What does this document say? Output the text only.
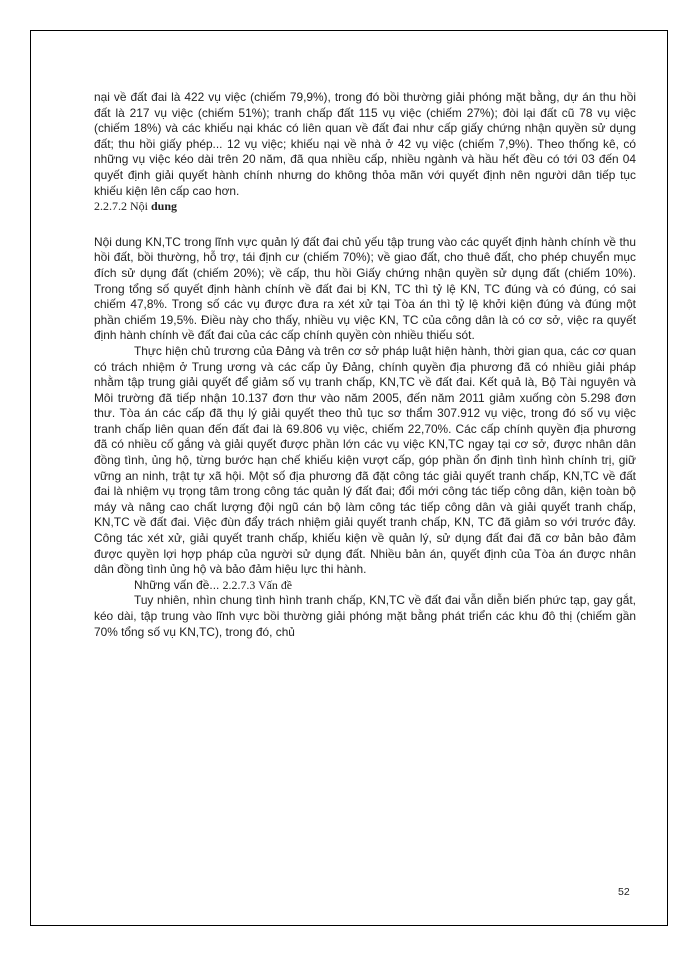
nại về đất đai là 422 vụ việc (chiếm 79,9%), trong đó bồi thường giải phóng mặt bằng, dự án thu hồi đất là 217 vụ việc (chiếm 51%); tranh chấp đất 115 vụ việc (chiếm 27%); đòi lại đất cũ 78 vụ việc (chiếm 18%) và các khiếu nại khác có liên quan về đất đai như cấp giấy chứng nhận quyền sử dụng đất; thu hồi giấy phép... 12 vụ việc; khiếu nại về nhà ở 42 vụ việc (chiếm 7,9%). Theo thống kê, có những vụ việc kéo dài trên 20 năm, đã qua nhiều cấp, nhiều ngành và hầu hết đều có tới 03 đến 04 quyết định giải quyết hành chính nhưng do không thỏa mãn với quyết định nên người dân tiếp tục khiếu kiện lên cấp cao hơn.

2.2.7.2 Nội dung

Nội dung KN,TC trong lĩnh vực quản lý đất đai chủ yếu tập trung vào các quyết định hành chính về thu hồi đất, bồi thường, hỗ trợ, tái định cư (chiếm 70%); về giao đất, cho thuê đất, cho phép chuyển mục đích sử dụng đất (chiếm 20%); về cấp, thu hồi Giấy chứng nhận quyền sử dụng đất (chiếm 10%). Trong tổng số quyết định hành chính về đất đai bị KN, TC thì tỷ lệ KN, TC đúng và có đúng, có sai chiếm 47,8%. Trong số các vụ được đưa ra xét xử tại Tòa án thì tỷ lệ khởi kiện đúng và đúng một phần chiếm 19,5%. Điều này cho thấy, nhiều vụ việc KN, TC của công dân là có cơ sở, việc ra quyết định hành chính về đất đai của các cấp chính quyền còn nhiều thiếu sót.

Thực hiện chủ trương của Đảng và trên cơ sở pháp luật hiện hành, thời gian qua, các cơ quan có trách nhiệm ở Trung ương và các cấp ủy Đảng, chính quyền địa phương đã có nhiều giải pháp nhằm tập trung giải quyết để giảm số vụ tranh chấp, KN,TC về đất đai. Kết quả là, Bộ Tài nguyên và Môi trường đã tiếp nhận 10.137 đơn thư vào năm 2005, đến năm 2011 giảm xuống còn 5.298 đơn thư. Tòa án các cấp đã thụ lý giải quyết theo thủ tục sơ thẩm 307.912 vụ việc, trong đó số vụ việc tranh chấp liên quan đến đất đai là 69.806 vụ việc, chiếm 22,70%. Các cấp chính quyền địa phương đã có nhiều cố gắng và giải quyết được phần lớn các vụ việc KN,TC ngay tại cơ sở, được nhân dân đồng tình, ủng hộ, từng bước hạn chế khiếu kiện vượt cấp, góp phần ổn định tình hình chính trị, giữ vững an ninh, trật tự xã hội. Một số địa phương đã đặt công tác giải quyết tranh chấp, KN,TC về đất đai là nhiệm vụ trọng tâm trong công tác quản lý đất đai; đổi mới công tác tiếp công dân, kiện toàn bộ máy và nâng cao chất lượng đội ngũ cán bộ làm công tác tiếp công dân và giải quyết tranh chấp, KN,TC về đất đai. Việc đùn đẩy trách nhiệm giải quyết tranh chấp, KN, TC đã giảm so với trước đây. Công tác xét xử, giải quyết tranh chấp, khiếu kiện về quản lý, sử dụng đất đai đã cơ bản bảo đảm được quyền lợi hợp pháp của người sử dụng đất. Nhiều bản án, quyết định của Tòa án được nhân dân đồng tình ủng hộ và bảo đảm hiệu lực thi hành.

Những vấn đề... 2.2.7.3 Vấn đề

Tuy nhiên, nhìn chung tình hình tranh chấp, KN,TC về đất đai vẫn diễn biến phức tạp, gay gắt, kéo dài, tập trung vào lĩnh vực bồi thường giải phóng mặt bằng phát triển các khu đô thị (chiếm gần 70% tổng số vụ KN,TC), trong đó, chủ

52
